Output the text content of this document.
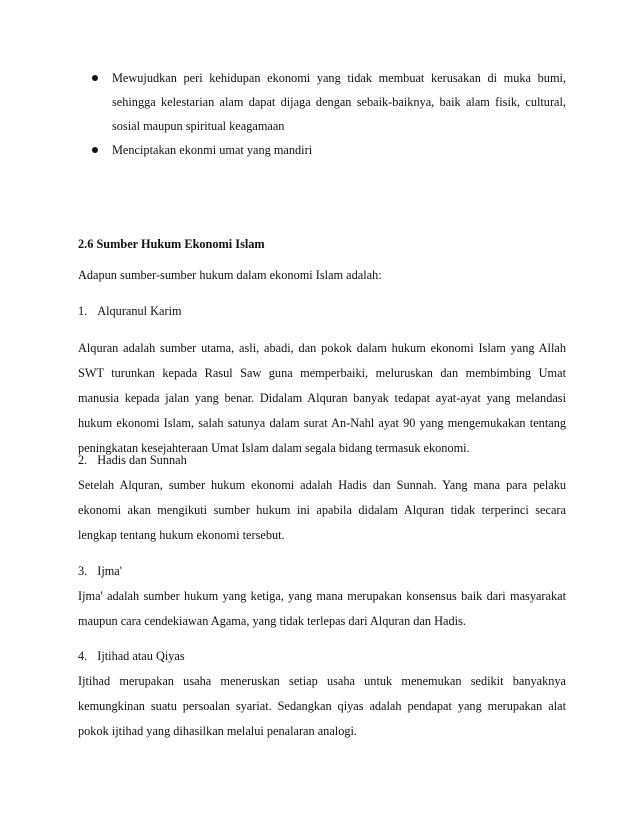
Mewujudkan peri kehidupan ekonomi yang tidak membuat kerusakan di muka bumi, sehingga kelestarian alam dapat dijaga dengan sebaik-baiknya, baik alam fisik, cultural, sosial maupun spiritual keagamaan
Menciptakan ekonmi umat yang mandiri
2.6 Sumber Hukum Ekonomi Islam
Adapun sumber-sumber hukum dalam ekonomi Islam adalah:
1. Alquranul Karim
Alquran adalah sumber utama, asli, abadi, dan pokok dalam hukum ekonomi Islam yang Allah
SWT turunkan kepada Rasul Saw guna memperbaiki, meluruskan dan membimbing Umat
manusia kepada jalan yang benar. Didalam Alquran banyak tedapat ayat-ayat yang melandasi
hukum ekonomi Islam, salah satunya dalam surat An-Nahl ayat 90 yang mengemukakan tentang
peningkatan kesejahteraan Umat Islam dalam segala bidang termasuk ekonomi.
2. Hadis dan Sunnah
Setelah Alquran, sumber hukum ekonomi adalah Hadis dan Sunnah. Yang mana para pelaku
ekonomi akan mengikuti sumber hukum ini apabila didalam Alquran tidak terperinci secara
lengkap tentang hukum ekonomi tersebut.
3. Ijma'
Ijma' adalah sumber hukum yang ketiga, yang mana merupakan konsensus baik dari masyarakat
maupun cara cendekiawan Agama, yang tidak terlepas dari Alquran dan Hadis.
4. Ijtihad atau Qiyas
Ijtihad merupakan usaha meneruskan setiap usaha untuk menemukan sedikit banyaknya
kemungkinan suatu persoalan syariat. Sedangkan qiyas adalah pendapat yang merupakan alat
pokok ijtihad yang dihasilkan melalui penalaran analogi.
